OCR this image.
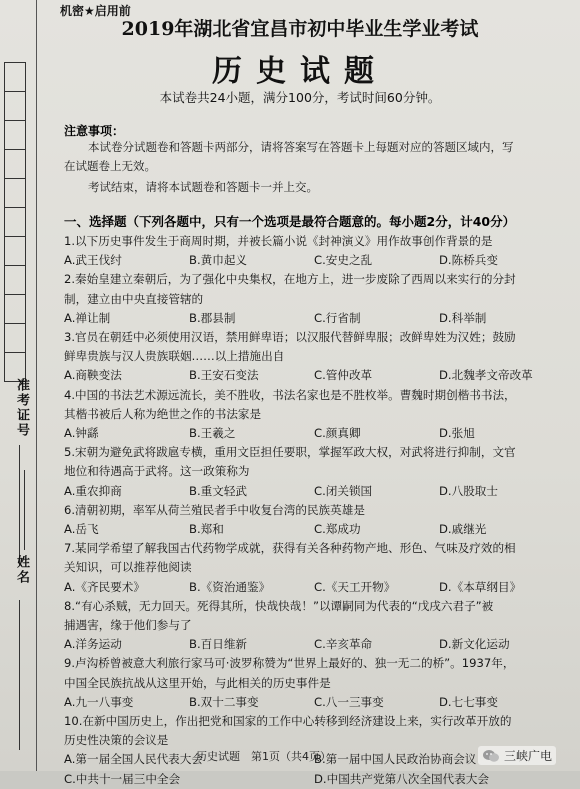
准考证号
姓名
机密★启用前
2019年湖北省宜昌市初中毕业生学业考试
历史试题
本试卷共24小题，满分100分，考试时间60分钟。
注意事项：
本试卷分试题卷和答题卡两部分，请将答案写在答题卡上每题对应的答题区域内，写
在试题卷上无效。
考试结束，请将本试题卷和答题卡一并上交。
一、选择题（下列各题中，只有一个选项是最符合题意的。每小题2分，计40分）
1.以下历史事件发生于商周时期，并被长篇小说《封神演义》用作故事创作背景的是
A.武王伐纣	B.黄巾起义	C.安史之乱	D.陈桥兵变
2.秦始皇建立秦朝后，为了强化中央集权，在地方上，进一步废除了西周以来实行的分封
制，建立由中央直接管辖的
A.禅让制	B.郡县制	C.行省制	D.科举制
3.官员在朝廷中必须使用汉语，禁用鲜卑语；以汉服代替鲜卑服；改鲜卑姓为汉姓；鼓励
鲜卑贵族与汉人贵族联姻……以上措施出自
A.商鞅变法	B.王安石变法	C.管仲改革	D.北魏孝文帝改革
4.中国的书法艺术源远流长，美不胜收，书法名家也是不胜枚举。曹魏时期创楷书书法，
其楷书被后人称为绝世之作的书法家是
A.钟繇	B.王羲之	C.颜真卿	D.张旭
5.宋朝为避免武将跋扈专横，重用文臣担任要职，掌握军政大权，对武将进行抑制，文官
地位和待遇高于武将。这一政策称为
A.重农抑商	B.重文轻武	C.闭关锁国	D.八股取士
6.清朝初期，率军从荷兰殖民者手中收复台湾的民族英雄是
A.岳飞	B.郑和	C.郑成功	D.戚继光
7.某同学希望了解我国古代药物学成就，获得有关各种药物产地、形色、气味及疗效的相
关知识，可以推荐他阅读
A.《齐民要术》	B.《资治通鉴》	C.《天工开物》	D.《本草纲目》
8.“有心杀贼，无力回天。死得其所，快哉快哉！”以谭嗣同为代表的“戊戌六君子”被
捕遇害，缘于他们参与了
A.洋务运动	B.百日维新	C.辛亥革命	D.新文化运动
9.卢沟桥曾被意大利旅行家马可·波罗称赞为“世界上最好的、独一无二的桥”。1937年，
中国全民族抗战从这里开始，与此相关的历史事件是
A.九一八事变	B.双十二事变	C.八一三事变	D.七七事变
10.在新中国历史上，作出把党和国家的工作中心转移到经济建设上来，实行改革开放的
历史性决策的会议是
A.第一届全国人民代表大会	B.第一届中国人民政治协商会议
C.中共十一届三中全会	D.中国共产党第八次全国代表大会
历史试题　第1页（共4页）	三峡广电
